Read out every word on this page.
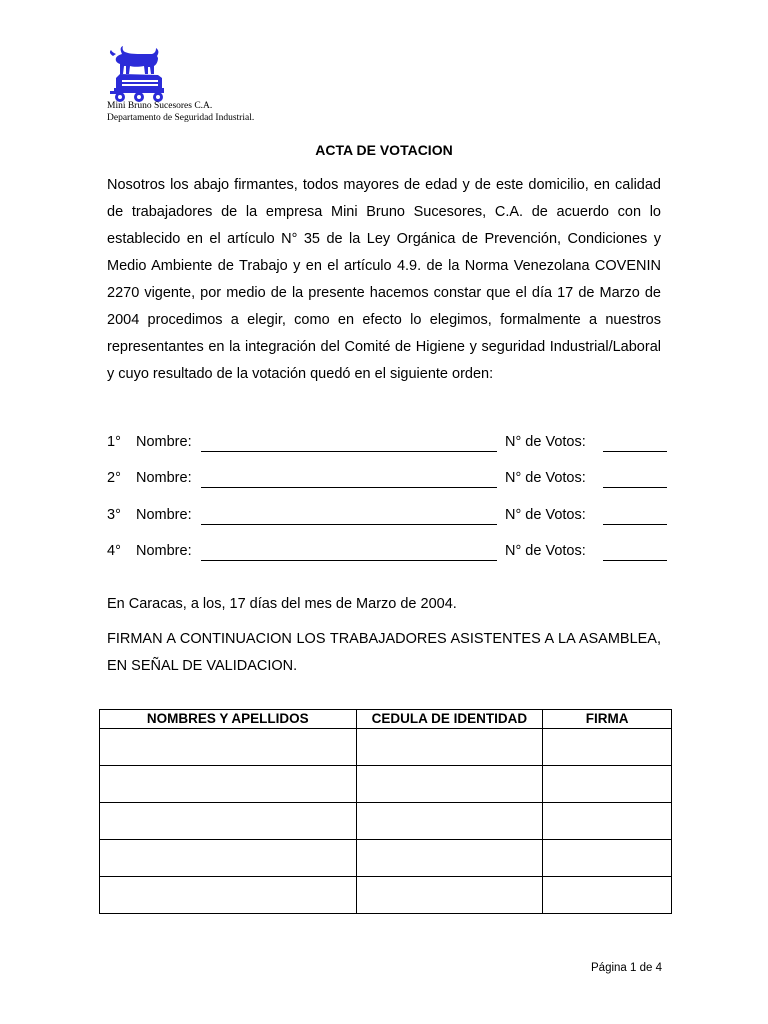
Mini Bruno Sucesores C.A.
Departamento de Seguridad Industrial.
ACTA DE VOTACION
Nosotros los abajo firmantes, todos mayores de edad y de este domicilio, en calidad de trabajadores de la empresa Mini Bruno Sucesores, C.A. de acuerdo con lo establecido en el artículo N° 35 de la Ley Orgánica de Prevención, Condiciones y Medio Ambiente de Trabajo y en el artículo 4.9. de la Norma Venezolana COVENIN 2270 vigente, por medio de la presente hacemos constar que el día 17 de Marzo de 2004 procedimos a elegir, como en efecto lo elegimos, formalmente a nuestros representantes en la integración del Comité de Higiene y seguridad Industrial/Laboral y cuyo resultado de la votación quedó en el siguiente orden:
1° Nombre:	N° de Votos:
2° Nombre:	N° de Votos:
3° Nombre:	N° de Votos:
4° Nombre:	N° de Votos:
En Caracas, a los, 17 días del mes de Marzo de 2004.
FIRMAN A CONTINUACION LOS TRABAJADORES ASISTENTES A LA ASAMBLEA, EN SEÑAL DE VALIDACION.
NOMBRES Y APELLIDOS	CEDULA DE IDENTIDAD	FIRMA

Página 1 de 4
